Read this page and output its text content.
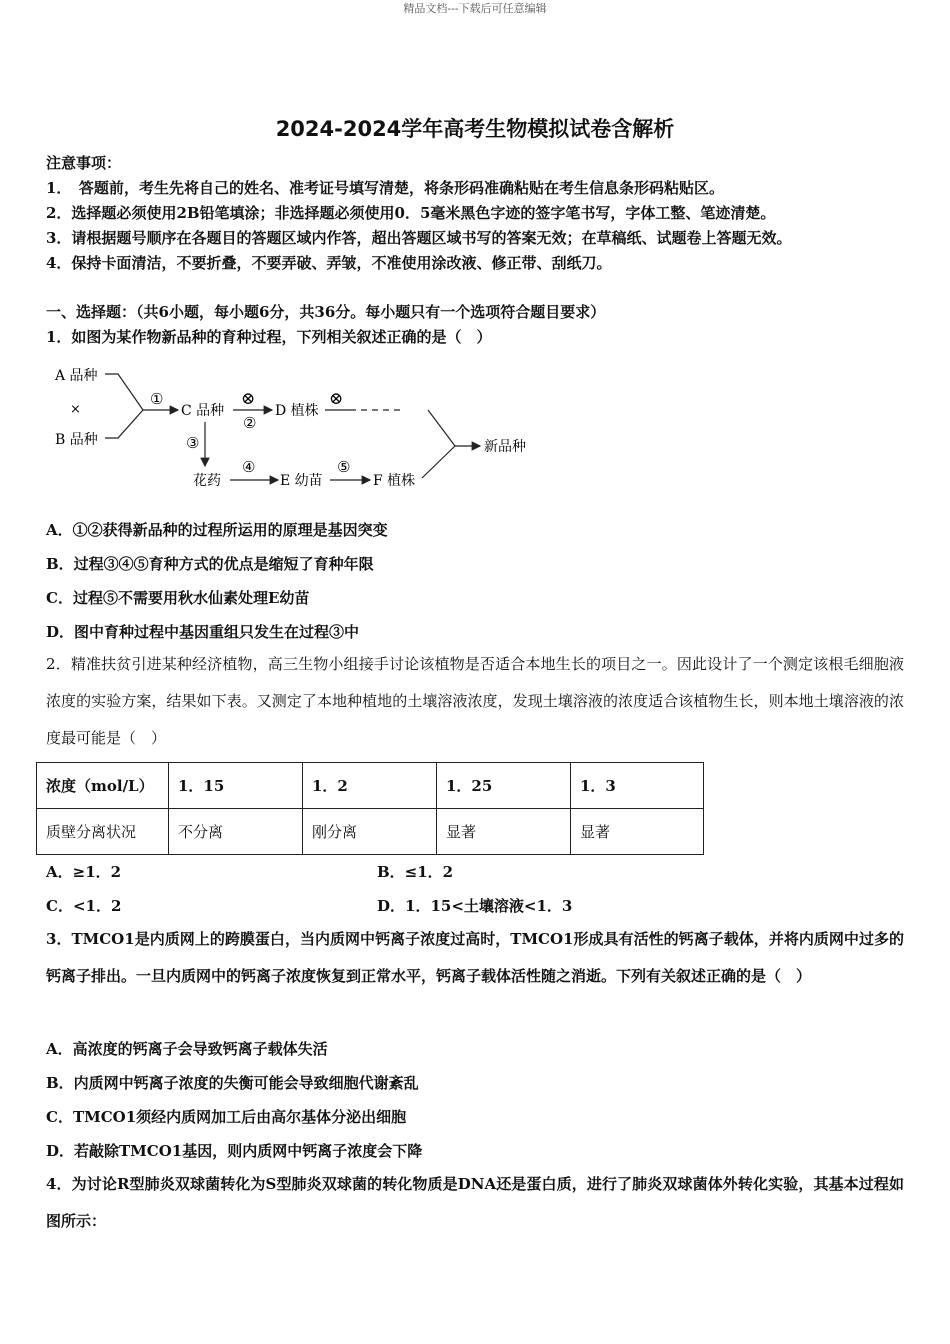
精品文档---下载后可任意编辑
2024-2024学年高考生物模拟试卷含解析
注意事项：
1．　答题前，考生先将自己的姓名、准考证号填写清楚，将条形码准确粘贴在考生信息条形码粘贴区。
2．选择题必须使用2B铅笔填涂；非选择题必须使用0．5毫米黑色字迹的签字笔书写，字体工整、笔迹清楚。
3．请根据题号顺序在各题目的答题区域内作答，超出答题区域书写的答案无效；在草稿纸、试题卷上答题无效。
4．保持卡面清洁，不要折叠，不要弄破、弄皱，不准使用涂改液、修正带、刮纸刀。
一、选择题：（共6小题，每小题6分，共36分。每小题只有一个选项符合题目要求）
1．如图为某作物新品种的育种过程，下列相关叙述正确的是（　）
A 品种
×
B 品种
①
C 品种
⊗
②
D 植株
⊗
③
花药
④
E 幼苗
⑤
F 植株
新品种
A．①②获得新品种的过程所运用的原理是基因突变
B．过程③④⑤育种方式的优点是缩短了育种年限
C．过程⑤不需要用秋水仙素处理E幼苗
D．图中育种过程中基因重组只发生在过程③中
2．精准扶贫引进某种经济植物，高三生物小组接手讨论该植物是否适合本地生长的项目之一。因此设计了一个测定该根毛细胞液浓度的实验方案，结果如下表。又测定了本地种植地的土壤溶液浓度，发现土壤溶液的浓度适合该植物生长，则本地土壤溶液的浓度最可能是（　）
浓度（mol/L）	1．15	1．2	1．25	1．3
质壁分离状况	不分离	刚分离	显著	显著
A．≥1．2	B．≤1．2
C．<1．2	D．1．15<土壤溶液<1．3
3．TMCO1是内质网上的跨膜蛋白，当内质网中钙离子浓度过高时，TMCO1形成具有活性的钙离子载体，并将内质网中过多的钙离子排出。一旦内质网中的钙离子浓度恢复到正常水平，钙离子载体活性随之消逝。下列有关叙述正确的是（　）
A．高浓度的钙离子会导致钙离子载体失活
B．内质网中钙离子浓度的失衡可能会导致细胞代谢紊乱
C．TMCO1须经内质网加工后由高尔基体分泌出细胞
D．若敲除TMCO1基因，则内质网中钙离子浓度会下降
4．为讨论R型肺炎双球菌转化为S型肺炎双球菌的转化物质是DNA还是蛋白质，进行了肺炎双球菌体外转化实验，其基本过程如图所示：
